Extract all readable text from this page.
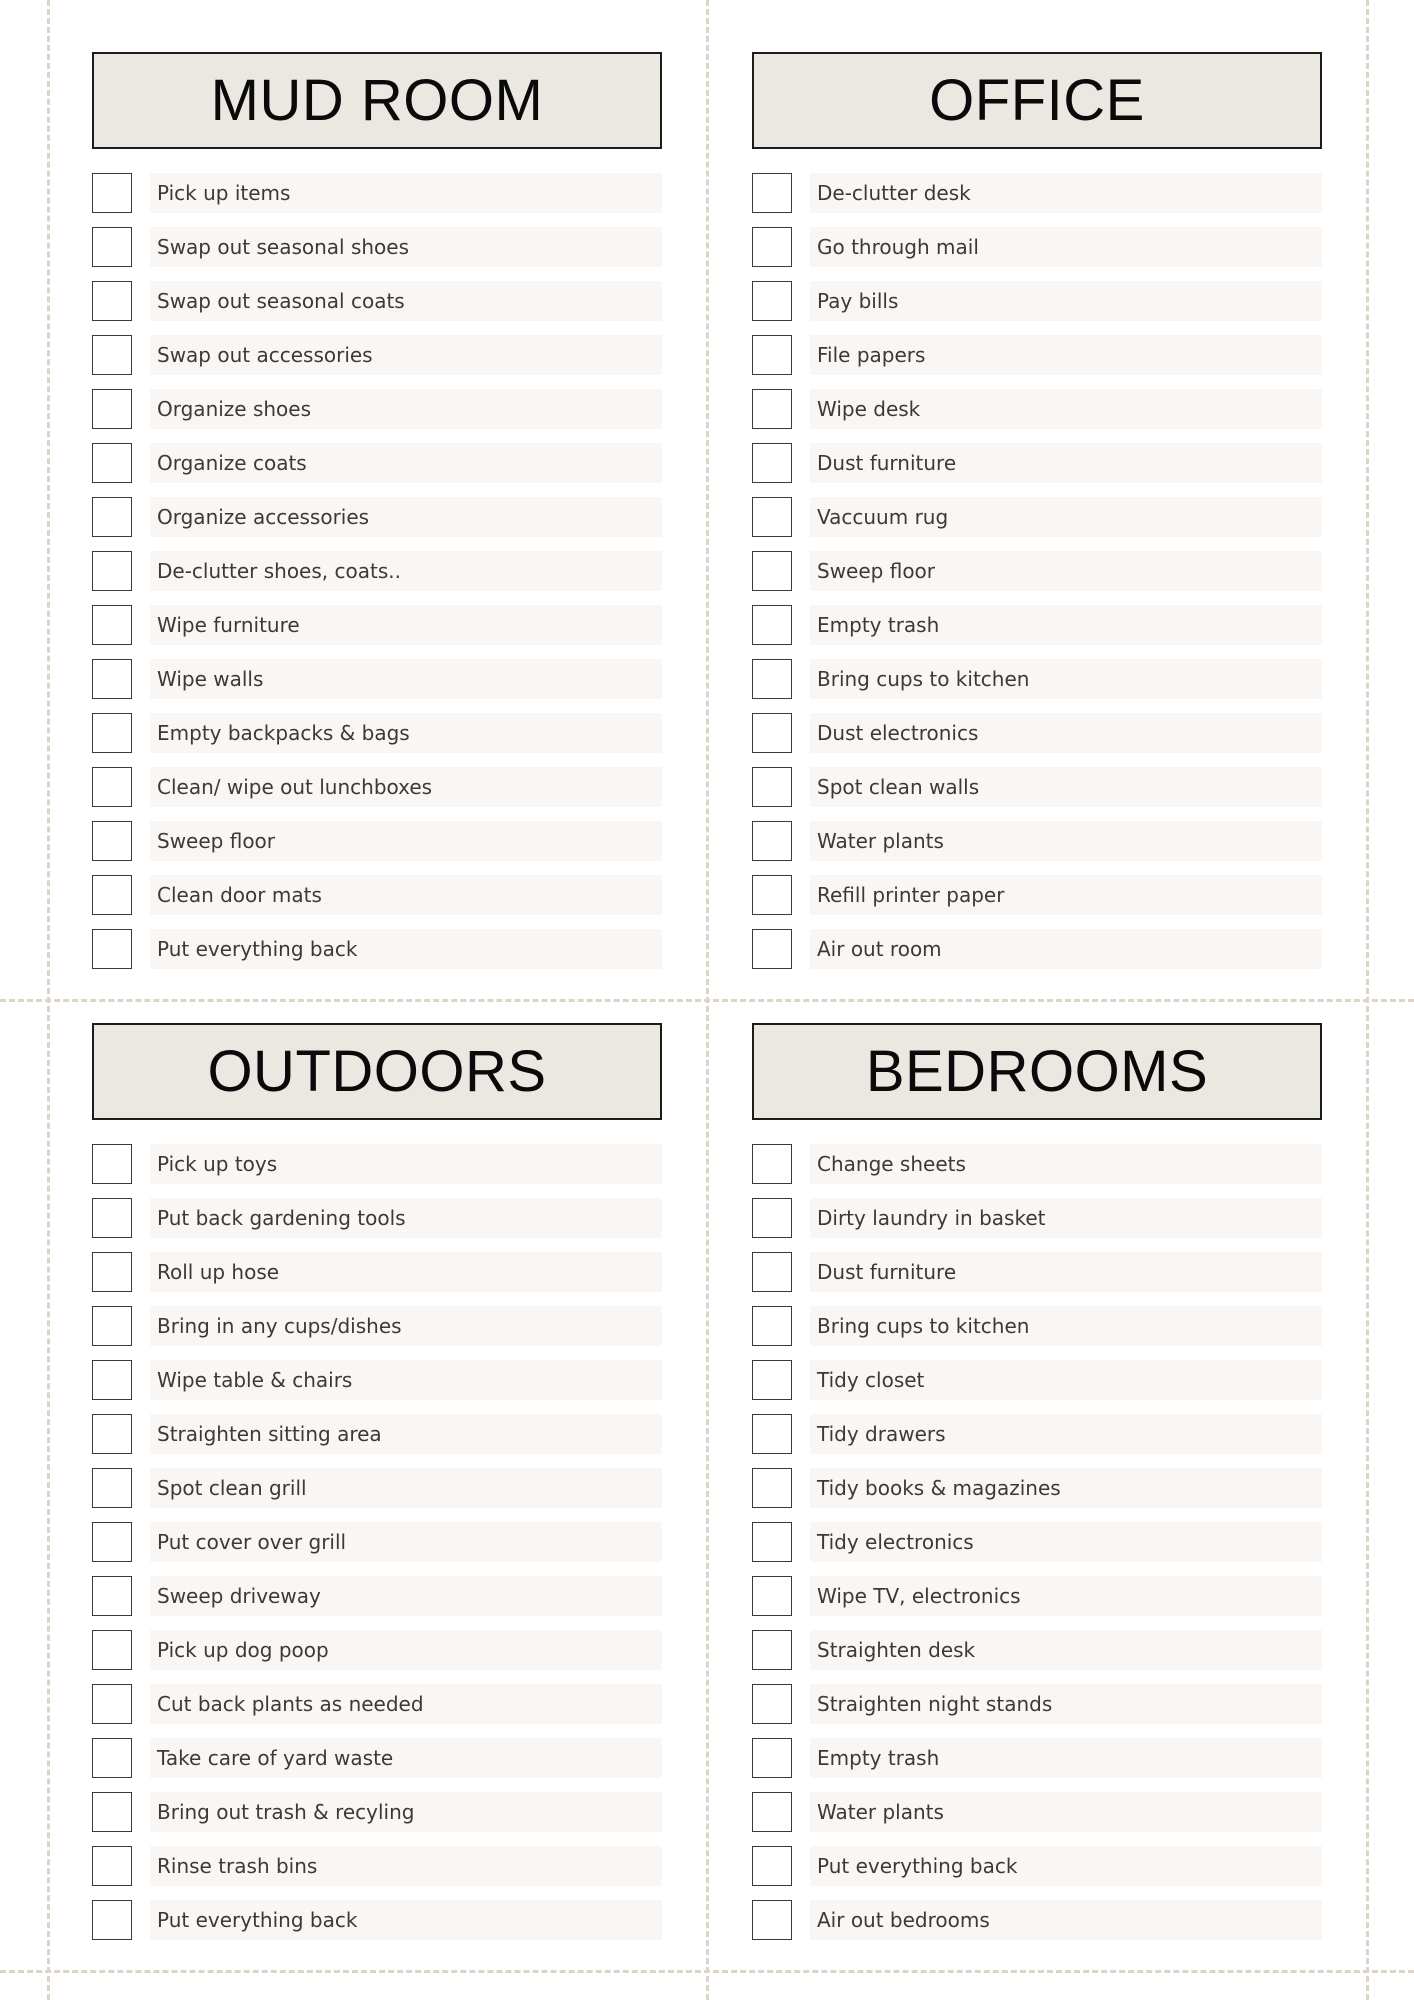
MUD ROOM
Pick up items
Swap out seasonal shoes
Swap out seasonal coats
Swap out accessories
Organize shoes
Organize coats
Organize accessories
De-clutter shoes, coats..
Wipe furniture
Wipe walls
Empty backpacks & bags
Clean/ wipe out lunchboxes
Sweep floor
Clean door mats
Put everything back
OFFICE
De-clutter desk
Go through mail
Pay bills
File papers
Wipe desk
Dust furniture
Vaccuum rug
Sweep floor
Empty trash
Bring cups to kitchen
Dust electronics
Spot clean walls
Water plants
Refill printer paper
Air out room
OUTDOORS
Pick up toys
Put back gardening tools
Roll up hose
Bring in any cups/dishes
Wipe table & chairs
Straighten sitting area
Spot clean grill
Put cover over grill
Sweep driveway
Pick up dog poop
Cut back plants as needed
Take care of yard waste
Bring out trash & recyling
Rinse trash bins
Put everything back
BEDROOMS
Change sheets
Dirty laundry in basket
Dust furniture
Bring cups to kitchen
Tidy closet
Tidy drawers
Tidy books & magazines
Tidy electronics
Wipe TV, electronics
Straighten desk
Straighten night stands
Empty trash
Water plants
Put everything back
Air out bedrooms
